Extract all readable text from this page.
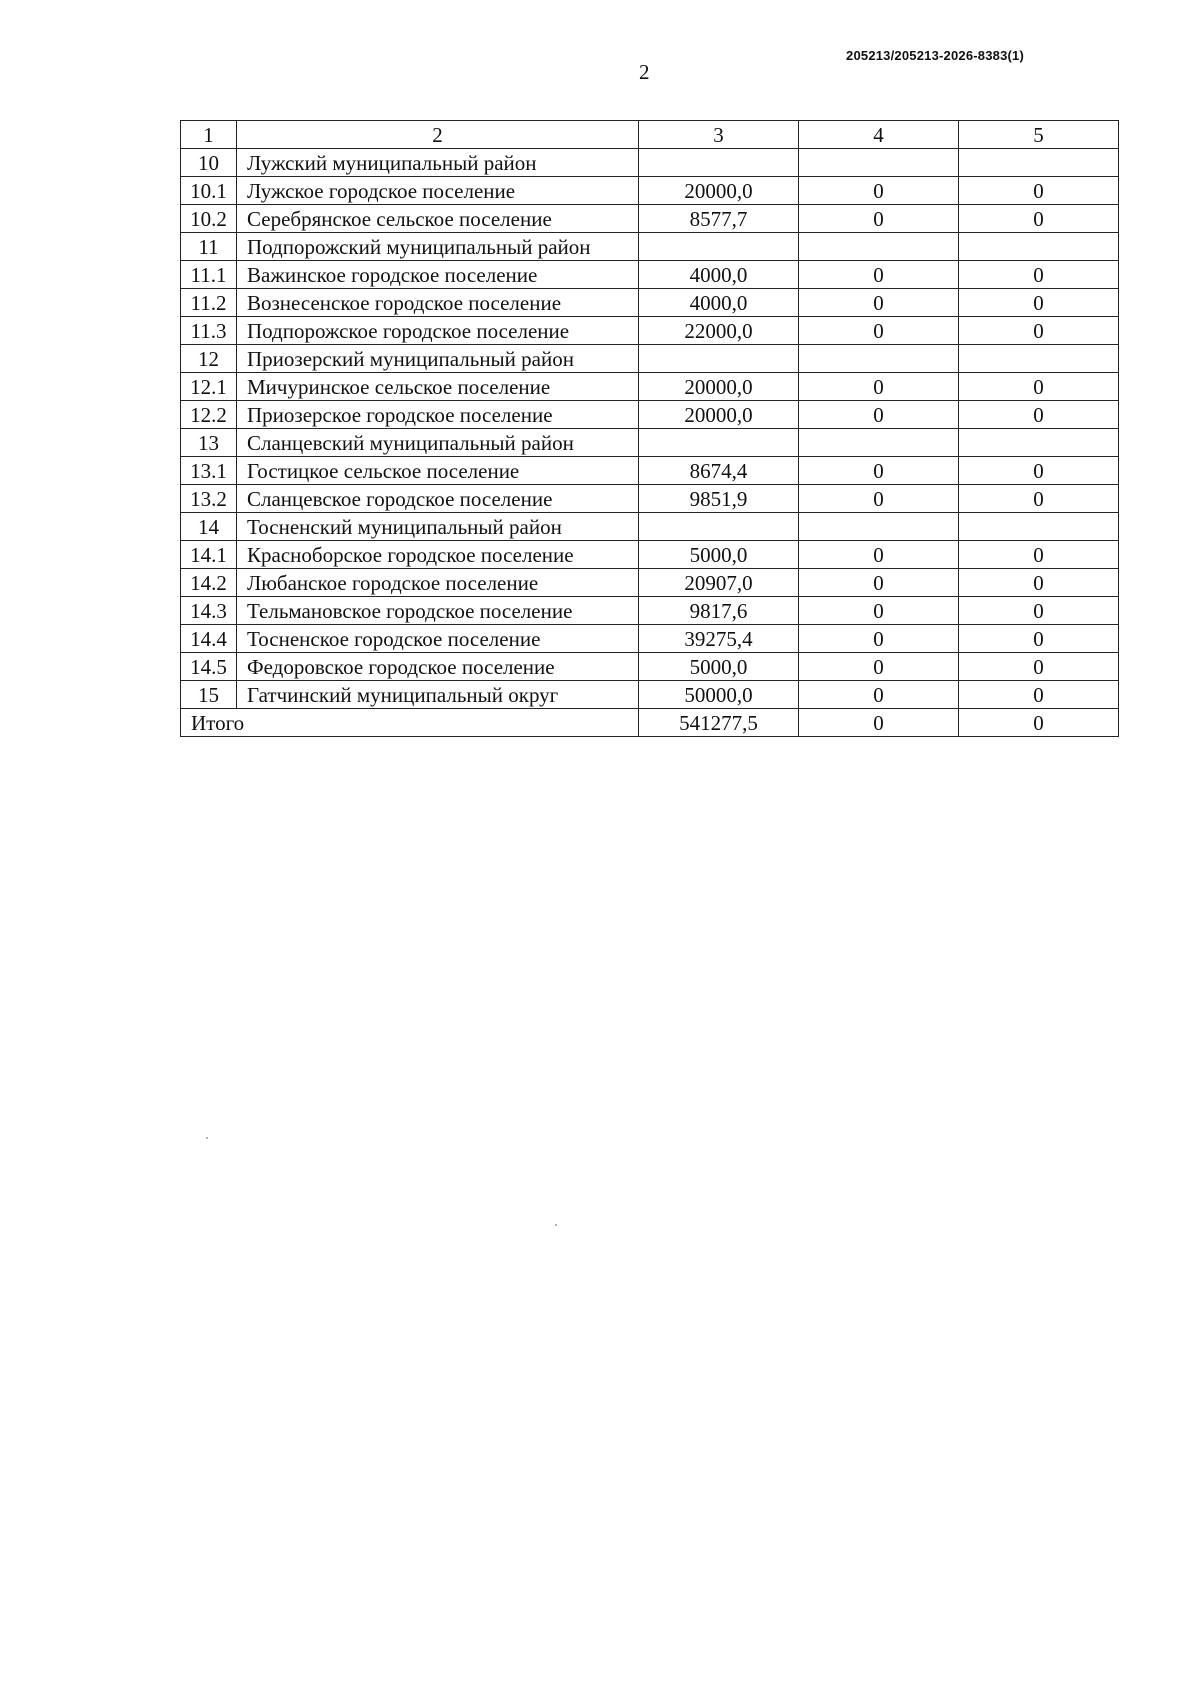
205213/205213-2026-8383(1)
2
1	2	3	4	5
10	Лужский муниципальный район			
10.1	Лужское городское поселение	20000,0	0	0
10.2	Серебрянское сельское поселение	8577,7	0	0
11	Подпорожский муниципальный район			
11.1	Важинское городское поселение	4000,0	0	0
11.2	Вознесенское городское поселение	4000,0	0	0
11.3	Подпорожское городское поселение	22000,0	0	0
12	Приозерский муниципальный район			
12.1	Мичуринское сельское поселение	20000,0	0	0
12.2	Приозерское городское поселение	20000,0	0	0
13	Сланцевский муниципальный район			
13.1	Гостицкое сельское поселение	8674,4	0	0
13.2	Сланцевское городское поселение	9851,9	0	0
14	Тосненский муниципальный район			
14.1	Красноборское городское поселение	5000,0	0	0
14.2	Любанское городское поселение	20907,0	0	0
14.3	Тельмановское городское поселение	9817,6	0	0
14.4	Тосненское городское поселение	39275,4	0	0
14.5	Федоровское городское поселение	5000,0	0	0
15	Гатчинский муниципальный округ	50000,0	0	0
Итого		541277,5	0	0
